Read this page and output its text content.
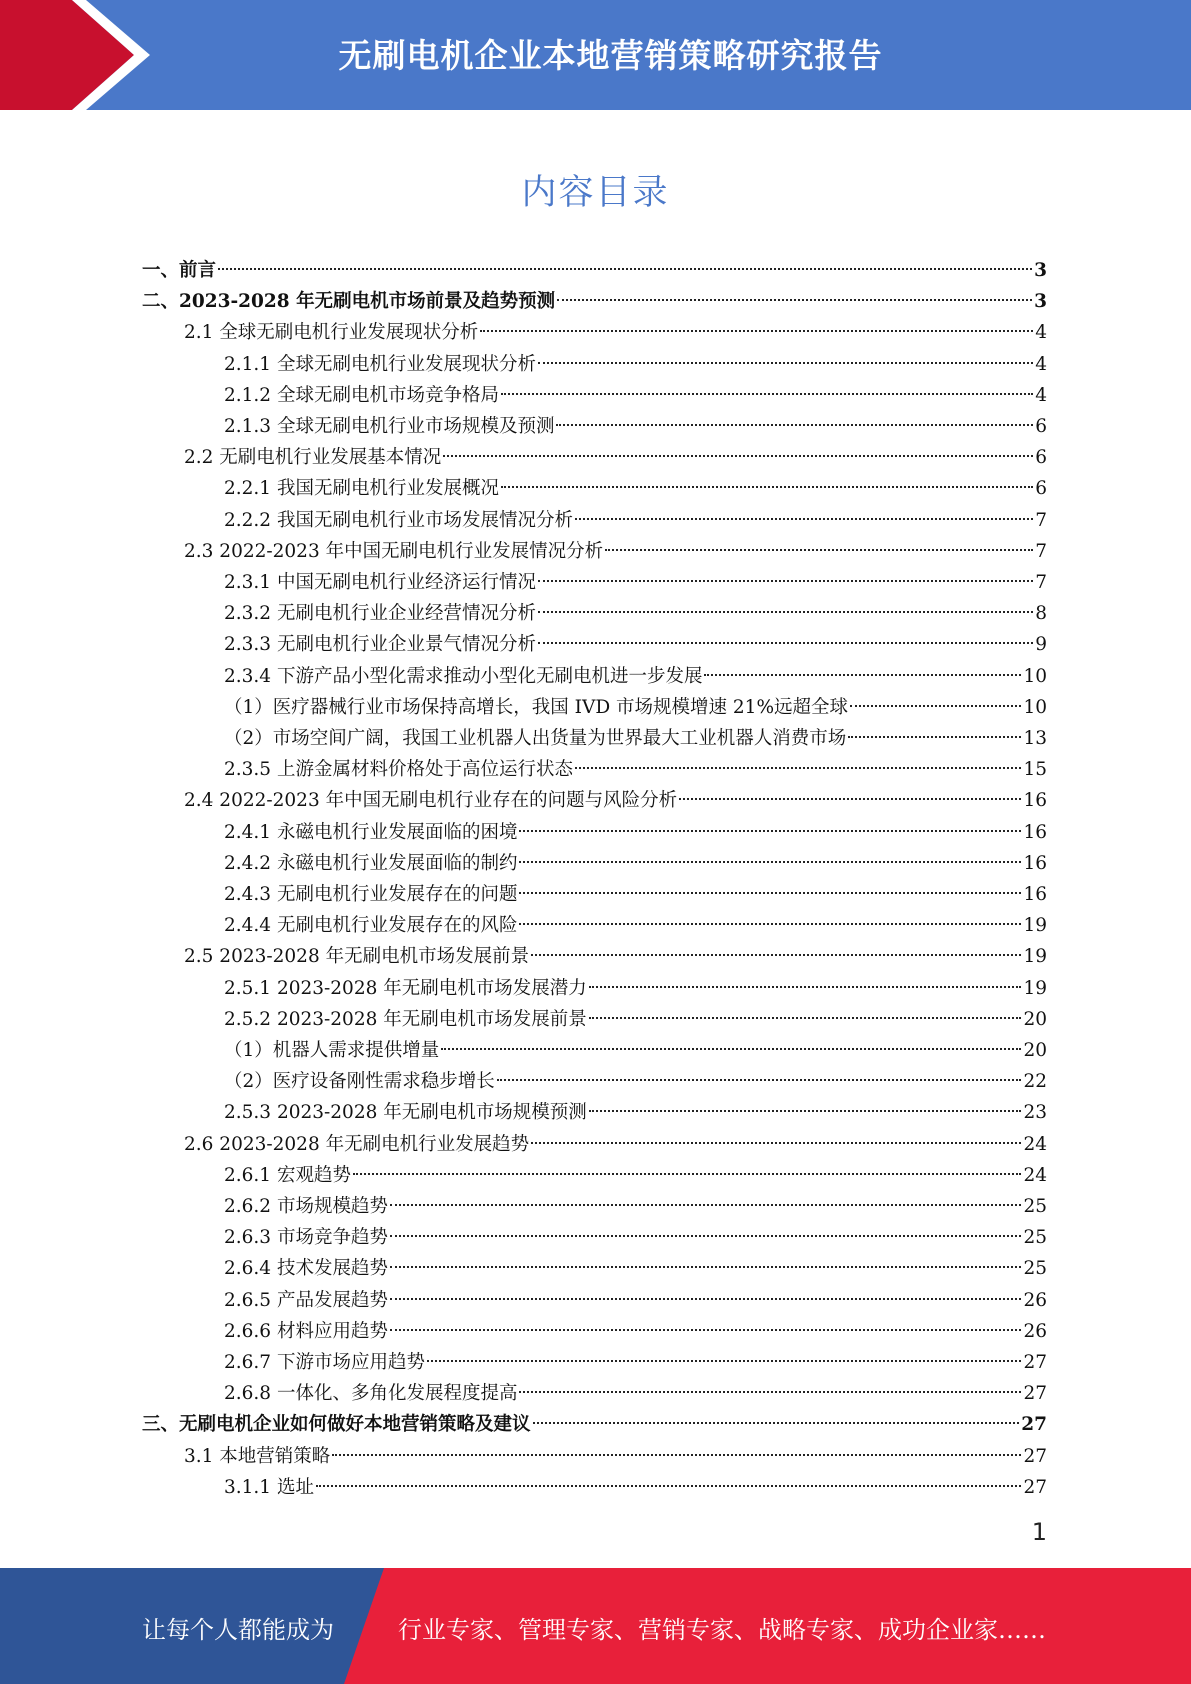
无刷电机企业本地营销策略研究报告
内容目录
一、前言	3
二、2023-2028 年无刷电机市场前景及趋势预测	3
2.1 全球无刷电机行业发展现状分析	4
2.1.1 全球无刷电机行业发展现状分析	4
2.1.2 全球无刷电机市场竞争格局	4
2.1.3 全球无刷电机行业市场规模及预测	6
2.2 无刷电机行业发展基本情况	6
2.2.1 我国无刷电机行业发展概况	6
2.2.2 我国无刷电机行业市场发展情况分析	7
2.3 2022-2023 年中国无刷电机行业发展情况分析	7
2.3.1 中国无刷电机行业经济运行情况	7
2.3.2 无刷电机行业企业经营情况分析	8
2.3.3 无刷电机行业企业景气情况分析	9
2.3.4 下游产品小型化需求推动小型化无刷电机进一步发展	10
（1）医疗器械行业市场保持高增长，我国 IVD 市场规模增速 21%远超全球	10
（2）市场空间广阔，我国工业机器人出货量为世界最大工业机器人消费市场	13
2.3.5 上游金属材料价格处于高位运行状态	15
2.4 2022-2023 年中国无刷电机行业存在的问题与风险分析	16
2.4.1 永磁电机行业发展面临的困境	16
2.4.2 永磁电机行业发展面临的制约	16
2.4.3 无刷电机行业发展存在的问题	16
2.4.4 无刷电机行业发展存在的风险	19
2.5 2023-2028 年无刷电机市场发展前景	19
2.5.1 2023-2028 年无刷电机市场发展潜力	19
2.5.2 2023-2028 年无刷电机市场发展前景	20
（1）机器人需求提供增量	20
（2）医疗设备刚性需求稳步增长	22
2.5.3 2023-2028 年无刷电机市场规模预测	23
2.6 2023-2028 年无刷电机行业发展趋势	24
2.6.1 宏观趋势	24
2.6.2 市场规模趋势	25
2.6.3 市场竞争趋势	25
2.6.4 技术发展趋势	25
2.6.5 产品发展趋势	26
2.6.6 材料应用趋势	26
2.6.7 下游市场应用趋势	27
2.6.8 一体化、多角化发展程度提高	27
三、无刷电机企业如何做好本地营销策略及建议	27
3.1 本地营销策略	27
3.1.1 选址	27
1
让每个人都能成为	行业专家、管理专家、营销专家、战略专家、成功企业家……
